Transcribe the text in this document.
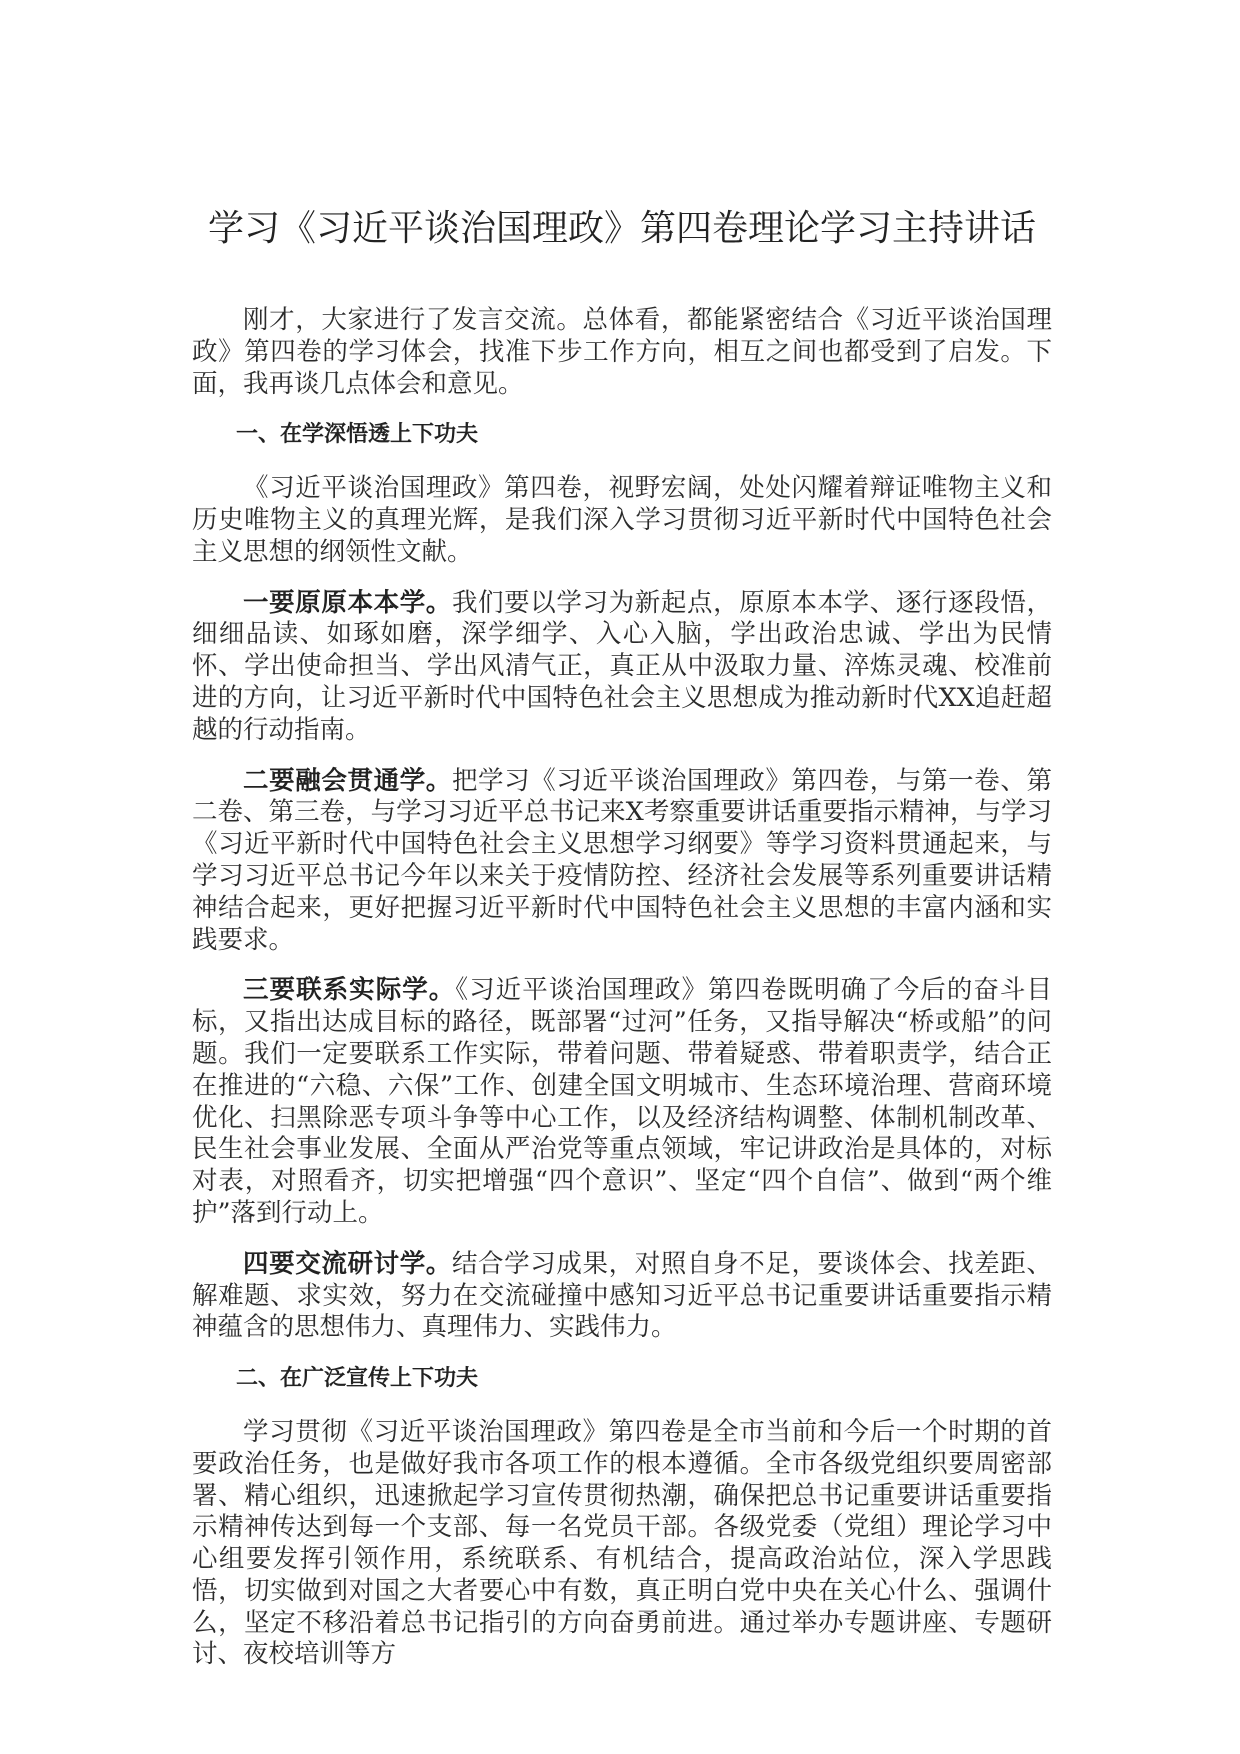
学习《习近平谈治国理政》第四卷理论学习主持讲话

刚才，大家进行了发言交流。总体看，都能紧密结合《习近平谈治国理政》第四卷的学习体会，找准下步工作方向，相互之间也都受到了启发。下面，我再谈几点体会和意见。

一、在学深悟透上下功夫

《习近平谈治国理政》第四卷，视野宏阔，处处闪耀着辩证唯物主义和历史唯物主义的真理光辉，是我们深入学习贯彻习近平新时代中国特色社会主义思想的纲领性文献。

一要原原本本学。我们要以学习为新起点，原原本本学、逐行逐段悟，细细品读、如琢如磨，深学细学、入心入脑，学出政治忠诚、学出为民情怀、学出使命担当、学出风清气正，真正从中汲取力量、淬炼灵魂、校准前进的方向，让习近平新时代中国特色社会主义思想成为推动新时代XX追赶超越的行动指南。

二要融会贯通学。把学习《习近平谈治国理政》第四卷，与第一卷、第二卷、第三卷，与学习习近平总书记来X考察重要讲话重要指示精神，与学习《习近平新时代中国特色社会主义思想学习纲要》等学习资料贯通起来，与学习习近平总书记今年以来关于疫情防控、经济社会发展等系列重要讲话精神结合起来，更好把握习近平新时代中国特色社会主义思想的丰富内涵和实践要求。

三要联系实际学。《习近平谈治国理政》第四卷既明确了今后的奋斗目标，又指出达成目标的路径，既部署“过河”任务，又指导解决“桥或船”的问题。我们一定要联系工作实际，带着问题、带着疑惑、带着职责学，结合正在推进的“六稳、六保”工作、创建全国文明城市、生态环境治理、营商环境优化、扫黑除恶专项斗争等中心工作，以及经济结构调整、体制机制改革、民生社会事业发展、全面从严治党等重点领域，牢记讲政治是具体的，对标对表，对照看齐，切实把增强“四个意识”、坚定“四个自信”、做到“两个维护”落到行动上。

四要交流研讨学。结合学习成果，对照自身不足，要谈体会、找差距、解难题、求实效，努力在交流碰撞中感知习近平总书记重要讲话重要指示精神蕴含的思想伟力、真理伟力、实践伟力。

二、在广泛宣传上下功夫

学习贯彻《习近平谈治国理政》第四卷是全市当前和今后一个时期的首要政治任务，也是做好我市各项工作的根本遵循。全市各级党组织要周密部署、精心组织，迅速掀起学习宣传贯彻热潮，确保把总书记重要讲话重要指示精神传达到每一个支部、每一名党员干部。各级党委（党组）理论学习中心组要发挥引领作用，系统联系、有机结合，提高政治站位，深入学思践悟，切实做到对国之大者要心中有数，真正明白党中央在关心什么、强调什么，坚定不移沿着总书记指引的方向奋勇前进。通过举办专题讲座、专题研讨、夜校培训等方
